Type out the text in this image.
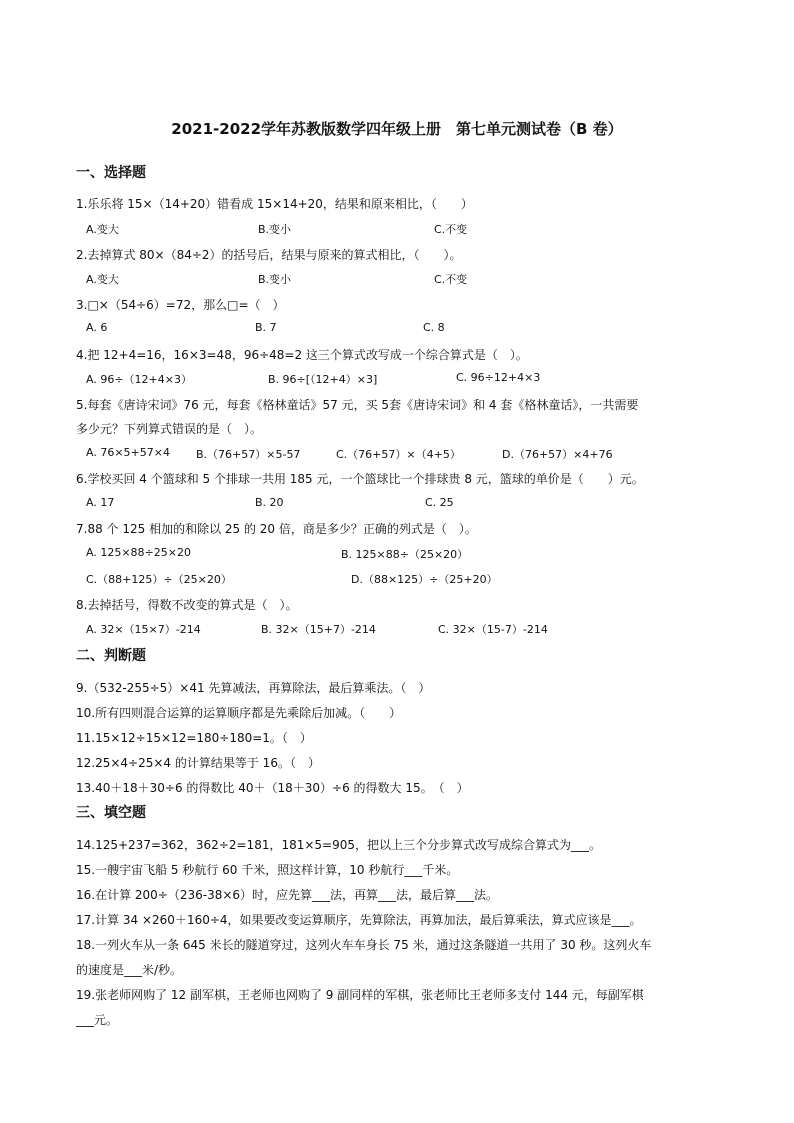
2021-2022学年苏教版数学四年级上册　第七单元测试卷（B 卷）
一、选择题
1.乐乐将 15×（14+20）错看成 15×14+20，结果和原来相比，（　　）
A.变大	B.变小	C.不变
2.去掉算式 80×（84÷2）的括号后，结果与原来的算式相比，（　　）。
A.变大	B.变小	C.不变
3.□×（54÷6）=72，那么□=（　）
A. 6	B. 7	C. 8
4.把 12+4=16，16×3=48，96÷48=2 这三个算式改写成一个综合算式是（　）。
A. 96÷（12+4×3）	B. 96÷[（12+4）×3]	C. 96÷12+4×3
5.每套《唐诗宋词》76 元，每套《格林童话》57 元，买 5套《唐诗宋词》和 4 套《格林童话》，一共需要
多少元？下列算式错误的是（　）。
A. 76×5+57×4 B.（76+57）×5-57	C.（76+57）×（4+5）	D.（76+57）×4+76
6.学校买回 4 个篮球和 5 个排球一共用 185 元，一个篮球比一个排球贵 8 元，篮球的单价是（　　）元。
A. 17	B. 20	C. 25
7.88 个 125 相加的和除以 25 的 20 倍，商是多少？正确的列式是（　）。
A. 125×88÷25×20	B. 125×88÷（25×20）
C.（88+125）÷（25×20）	D.（88×125）÷（25+20）
8.去掉括号，得数不改变的算式是（　）。
A. 32×（15×7）-214	B. 32×（15+7）-214	C. 32×（15-7）-214
二、判断题
9.（532-255÷5）×41 先算减法，再算除法，最后算乘法。（　）
10.所有四则混合运算的运算顺序都是先乘除后加减。（　　）
11.15×12÷15×12=180÷180=1。（　）
12.25×4÷25×4 的计算结果等于 16。（　）
13.40＋18＋30÷6 的得数比 40＋（18＋30）÷6 的得数大 15。　（　）
三、填空题
14.125+237=362，362÷2=181，181×5=905，把以上三个分步算式改写成综合算式为___。
15.一艘宇宙飞船 5 秒航行 60 千米，照这样计算，10 秒航行___千米。
16.在计算 200÷（236-38×6）时，应先算___法，再算___法，最后算___法。
17.计算 34 ×260＋160÷4，如果要改变运算顺序，先算除法，再算加法，最后算乘法，算式应该是___。
18.一列火车从一条 645 米长的隧道穿过，这列火车车身长 75 米，通过这条隧道一共用了 30 秒。这列火车
的速度是___米/秒。
19.张老师网购了 12 副军棋，王老师也网购了 9 副同样的军棋，张老师比王老师多支付 144 元，每副军棋
___元。
